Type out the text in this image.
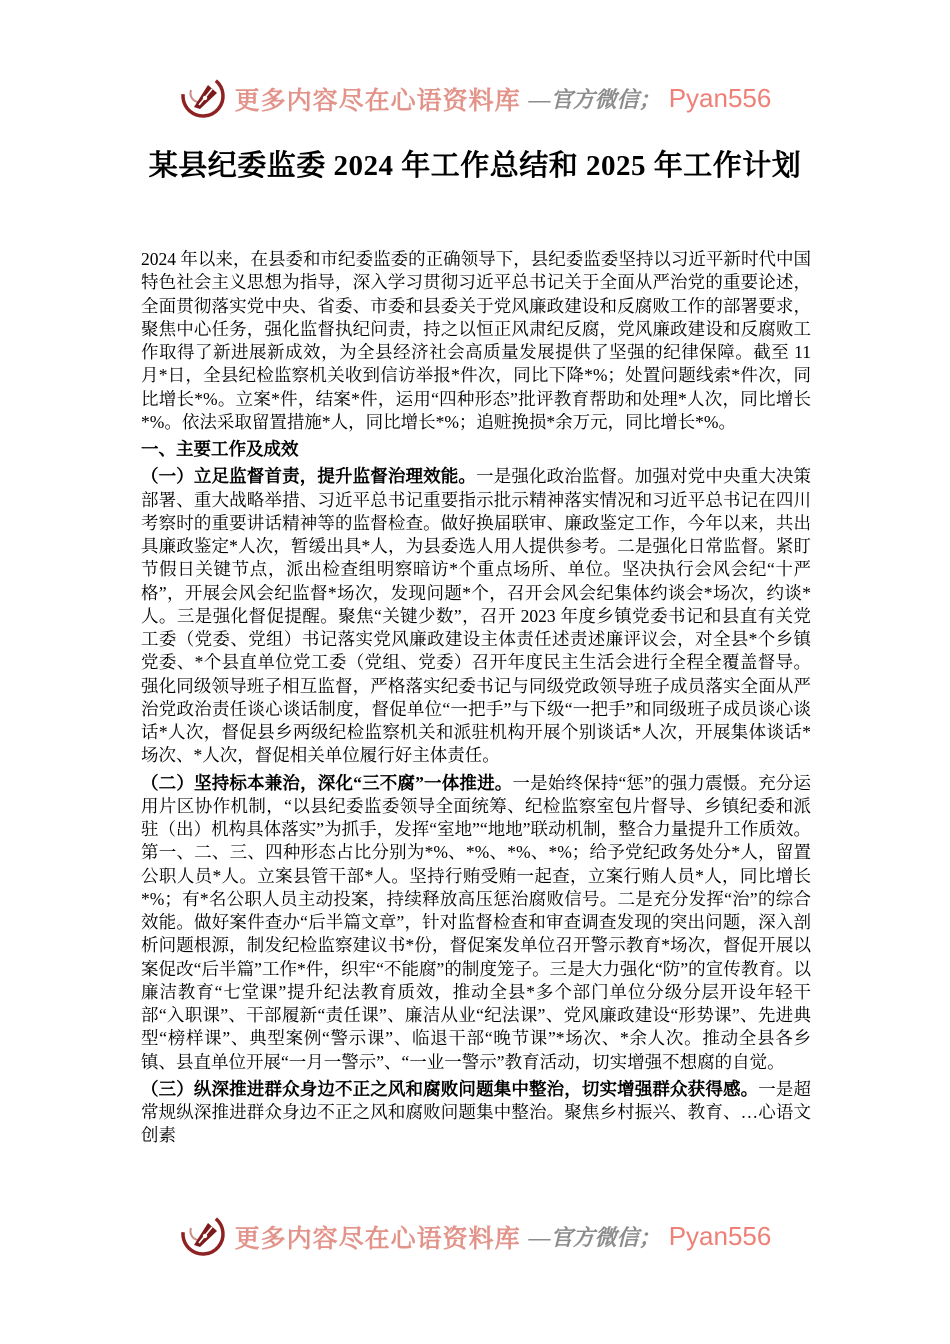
更多内容尽在心语资料库 —官方微信； Pyan556
某县纪委监委 2024 年工作总结和 2025 年工作计划

2024 年以来，在县委和市纪委监委的正确领导下，县纪委监委坚持以习近平新时代中国特色社会主义思想为指导，深入学习贯彻习近平总书记关于全面从严治党的重要论述，全面贯彻落实党中央、省委、市委和县委关于党风廉政建设和反腐败工作的部署要求，聚焦中心任务，强化监督执纪问责，持之以恒正风肃纪反腐，党风廉政建设和反腐败工作取得了新进展新成效，为全县经济社会高质量发展提供了坚强的纪律保障。截至 11 月*日，全县纪检监察机关收到信访举报*件次，同比下降*%；处置问题线索*件次，同比增长*%。立案*件，结案*件，运用“四种形态”批评教育帮助和处理*人次，同比增长*%。依法采取留置措施*人，同比增长*%；追赃挽损*余万元，同比增长*%。

一、主要工作及成效

（一）立足监督首责，提升监督治理效能。一是强化政治监督。加强对党中央重大决策部署、重大战略举措、习近平总书记重要指示批示精神落实情况和习近平总书记在四川考察时的重要讲话精神等的监督检查。做好换届联审、廉政鉴定工作，今年以来，共出具廉政鉴定*人次，暂缓出具*人，为县委选人用人提供参考。二是强化日常监督。紧盯节假日关键节点，派出检查组明察暗访*个重点场所、单位。坚决执行会风会纪“十严格”，开展会风会纪监督*场次，发现问题*个，召开会风会纪集体约谈会*场次，约谈*人。三是强化督促提醒。聚焦“关键少数”，召开 2023 年度乡镇党委书记和县直有关党工委（党委、党组）书记落实党风廉政建设主体责任述责述廉评议会，对全县*个乡镇党委、*个县直单位党工委（党组、党委）召开年度民主生活会进行全程全覆盖督导。强化同级领导班子相互监督，严格落实纪委书记与同级党政领导班子成员落实全面从严治党政治责任谈心谈话制度，督促单位“一把手”与下级“一把手”和同级班子成员谈心谈话*人次，督促县乡两级纪检监察机关和派驻机构开展个别谈话*人次，开展集体谈话*场次、*人次，督促相关单位履行好主体责任。

（二）坚持标本兼治，深化“三不腐”一体推进。一是始终保持“惩”的强力震慑。充分运用片区协作机制，“以县纪委监委领导全面统筹、纪检监察室包片督导、乡镇纪委和派驻（出）机构具体落实”为抓手，发挥“室地”“地地”联动机制，整合力量提升工作质效。第一、二、三、四种形态占比分别为*%、*%、*%、*%；给予党纪政务处分*人，留置公职人员*人。立案县管干部*人。坚持行贿受贿一起查，立案行贿人员*人，同比增长*%；有*名公职人员主动投案，持续释放高压惩治腐败信号。二是充分发挥“治”的综合效能。做好案件查办“后半篇文章”，针对监督检查和审查调查发现的突出问题，深入剖析问题根源，制发纪检监察建议书*份，督促案发单位召开警示教育*场次，督促开展以案促改“后半篇”工作*件，织牢“不能腐”的制度笼子。三是大力强化“防”的宣传教育。以廉洁教育“七堂课”提升纪法教育质效，推动全县*多个部门单位分级分层开设年轻干部“入职课”、干部履新“责任课”、廉洁从业“纪法课”、党风廉政建设“形势课”、先进典型“榜样课”、典型案例“警示课”、临退干部“晚节课”*场次、*余人次。推动全县各乡镇、县直单位开展“一月一警示”、“一业一警示”教育活动，切实增强不想腐的自觉。

（三）纵深推进群众身边不正之风和腐败问题集中整治，切实增强群众获得感。一是超常规纵深推进群众身边不正之风和腐败问题集中整治。聚焦乡村振兴、教育、…心语文创素

更多内容尽在心语资料库 —官方微信； Pyan556
